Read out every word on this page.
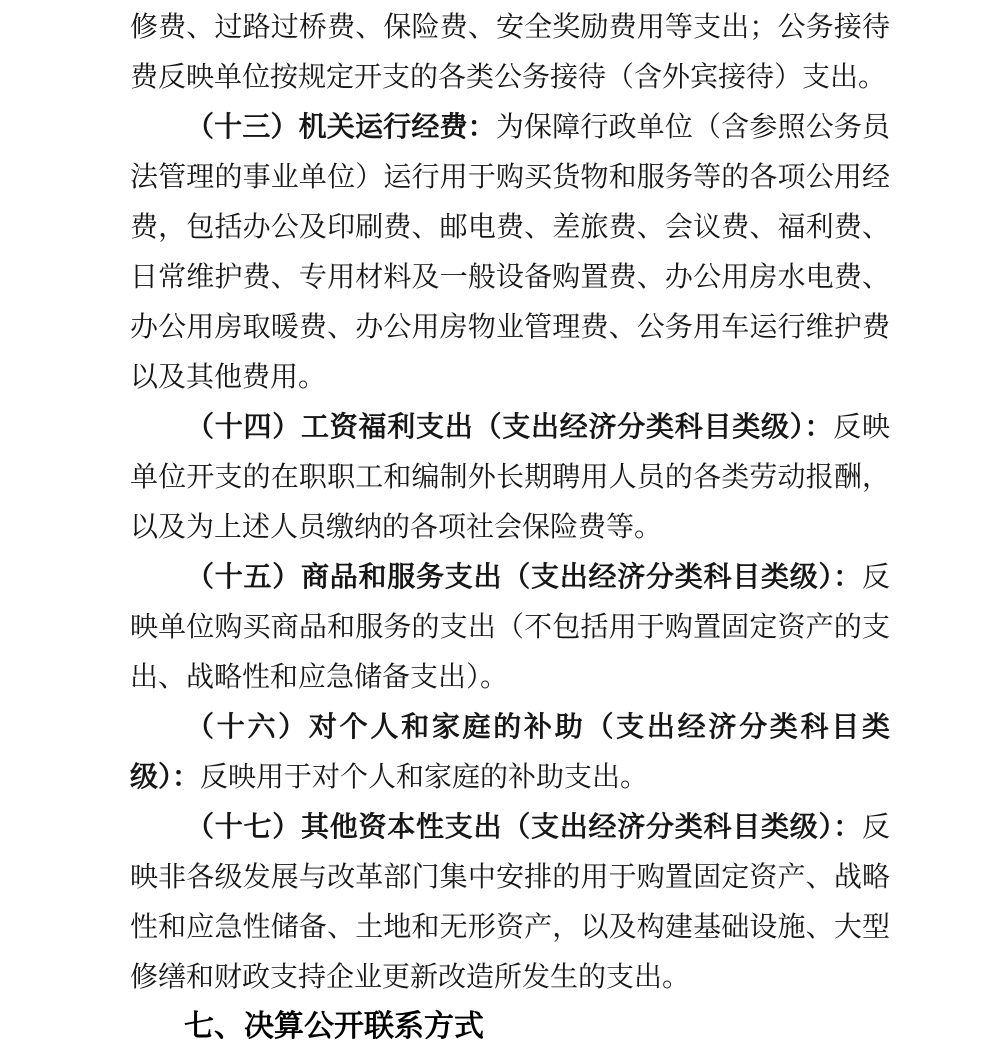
修费、过路过桥费、保险费、安全奖励费用等支出；公务接待费反映单位按规定开支的各类公务接待（含外宾接待）支出。

（十三）机关运行经费：为保障行政单位（含参照公务员法管理的事业单位）运行用于购买货物和服务等的各项公用经费，包括办公及印刷费、邮电费、差旅费、会议费、福利费、日常维护费、专用材料及一般设备购置费、办公用房水电费、办公用房取暖费、办公用房物业管理费、公务用车运行维护费以及其他费用。

（十四）工资福利支出（支出经济分类科目类级）：反映单位开支的在职职工和编制外长期聘用人员的各类劳动报酬，以及为上述人员缴纳的各项社会保险费等。

（十五）商品和服务支出（支出经济分类科目类级）：反映单位购买商品和服务的支出（不包括用于购置固定资产的支出、战略性和应急储备支出）。

（十六）对个人和家庭的补助（支出经济分类科目类级）：反映用于对个人和家庭的补助支出。

（十七）其他资本性支出（支出经济分类科目类级）：反映非各级发展与改革部门集中安排的用于购置固定资产、战略性和应急性储备、土地和无形资产，以及构建基础设施、大型修缮和财政支持企业更新改造所发生的支出。

七、决算公开联系方式
